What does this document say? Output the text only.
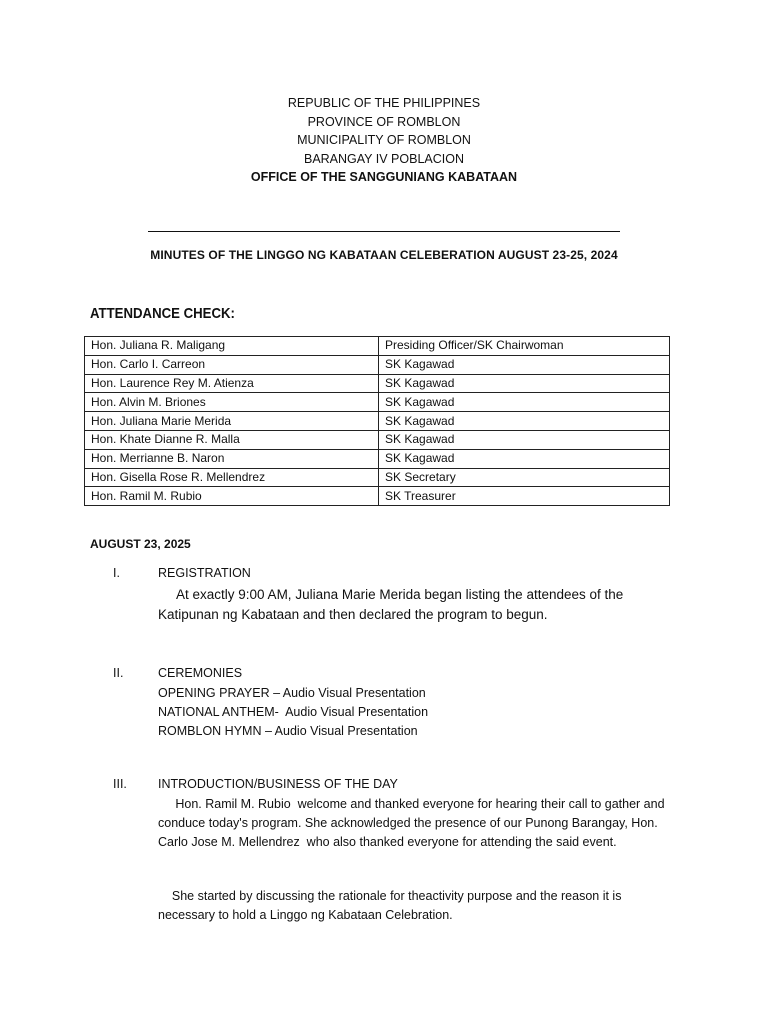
REPUBLIC OF THE PHILIPPINES
PROVINCE OF ROMBLON
MUNICIPALITY OF ROMBLON
BARANGAY IV POBLACION
OFFICE OF THE SANGGUNIANG KABATAAN
MINUTES OF THE LINGGO NG KABATAAN CELEBERATION AUGUST 23-25, 2024
ATTENDANCE CHECK:
Hon. Juliana R. Maligang	Presiding Officer/SK Chairwoman
Hon. Carlo I. Carreon	SK Kagawad
Hon. Laurence Rey M. Atienza	SK Kagawad
Hon. Alvin M. Briones	SK Kagawad
Hon. Juliana Marie Merida	SK Kagawad
Hon. Khate Dianne R. Malla	SK Kagawad
Hon. Merrianne B. Naron	SK Kagawad
Hon. Gisella Rose R. Mellendrez	SK Secretary
Hon. Ramil M. Rubio	SK Treasurer
AUGUST 23, 2025
I.	REGISTRATION
At exactly 9:00 AM, Juliana Marie Merida began listing the attendees of the
Katipunan ng Kabataan and then declared the program to begun.
II.	CEREMONIES
OPENING PRAYER – Audio Visual Presentation
NATIONAL ANTHEM-  Audio Visual Presentation
ROMBLON HYMN – Audio Visual Presentation
III. INTRODUCTION/BUSINESS OF THE DAY
Hon. Ramil M. Rubio  welcome and thanked everyone for hearing their call to gather and
conduce today's program. She acknowledged the presence of our Punong Barangay, Hon.
Carlo Jose M. Mellendrez  who also thanked everyone for attending the said event.
She started by discussing the rationale for theactivity purpose and the reason it is
necessary to hold a Linggo ng Kabataan Celebration.
